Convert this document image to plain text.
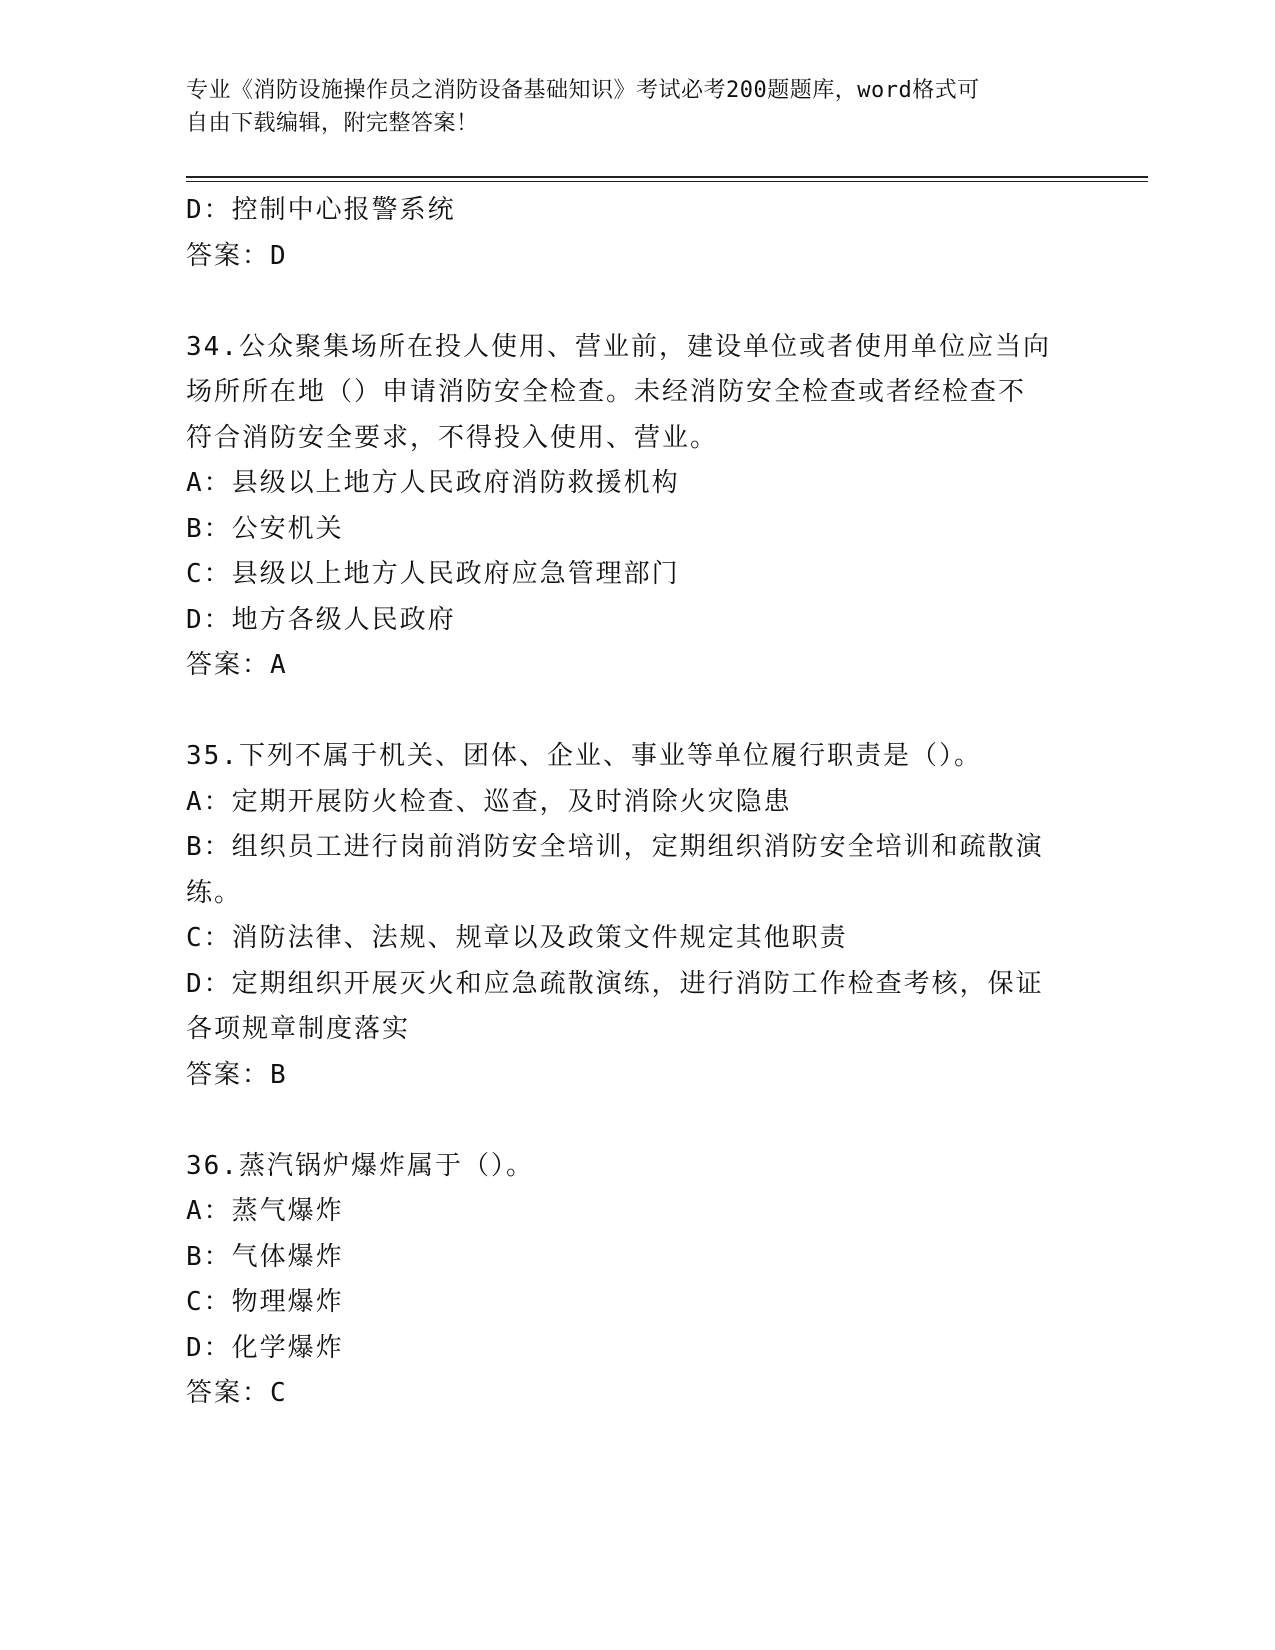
专业《消防设施操作员之消防设备基础知识》考试必考200题题库，word格式可
自由下载编辑，附完整答案！
D：控制中心报警系统
答案：D
34.公众聚集场所在投人使用、营业前，建设单位或者使用单位应当向
场所所在地（）申请消防安全检查。未经消防安全检查或者经检查不
符合消防安全要求，不得投入使用、营业。
A：县级以上地方人民政府消防救援机构
B：公安机关
C：县级以上地方人民政府应急管理部门
D：地方各级人民政府
答案：A
35.下列不属于机关、团体、企业、事业等单位履行职责是（）。
A：定期开展防火检查、巡查，及时消除火灾隐患
B：组织员工进行岗前消防安全培训，定期组织消防安全培训和疏散演
练。
C：消防法律、法规、规章以及政策文件规定其他职责
D：定期组织开展灭火和应急疏散演练，进行消防工作检查考核，保证
各项规章制度落实
答案：B
36.蒸汽锅炉爆炸属于（）。
A：蒸气爆炸
B：气体爆炸
C：物理爆炸
D：化学爆炸
答案：C
